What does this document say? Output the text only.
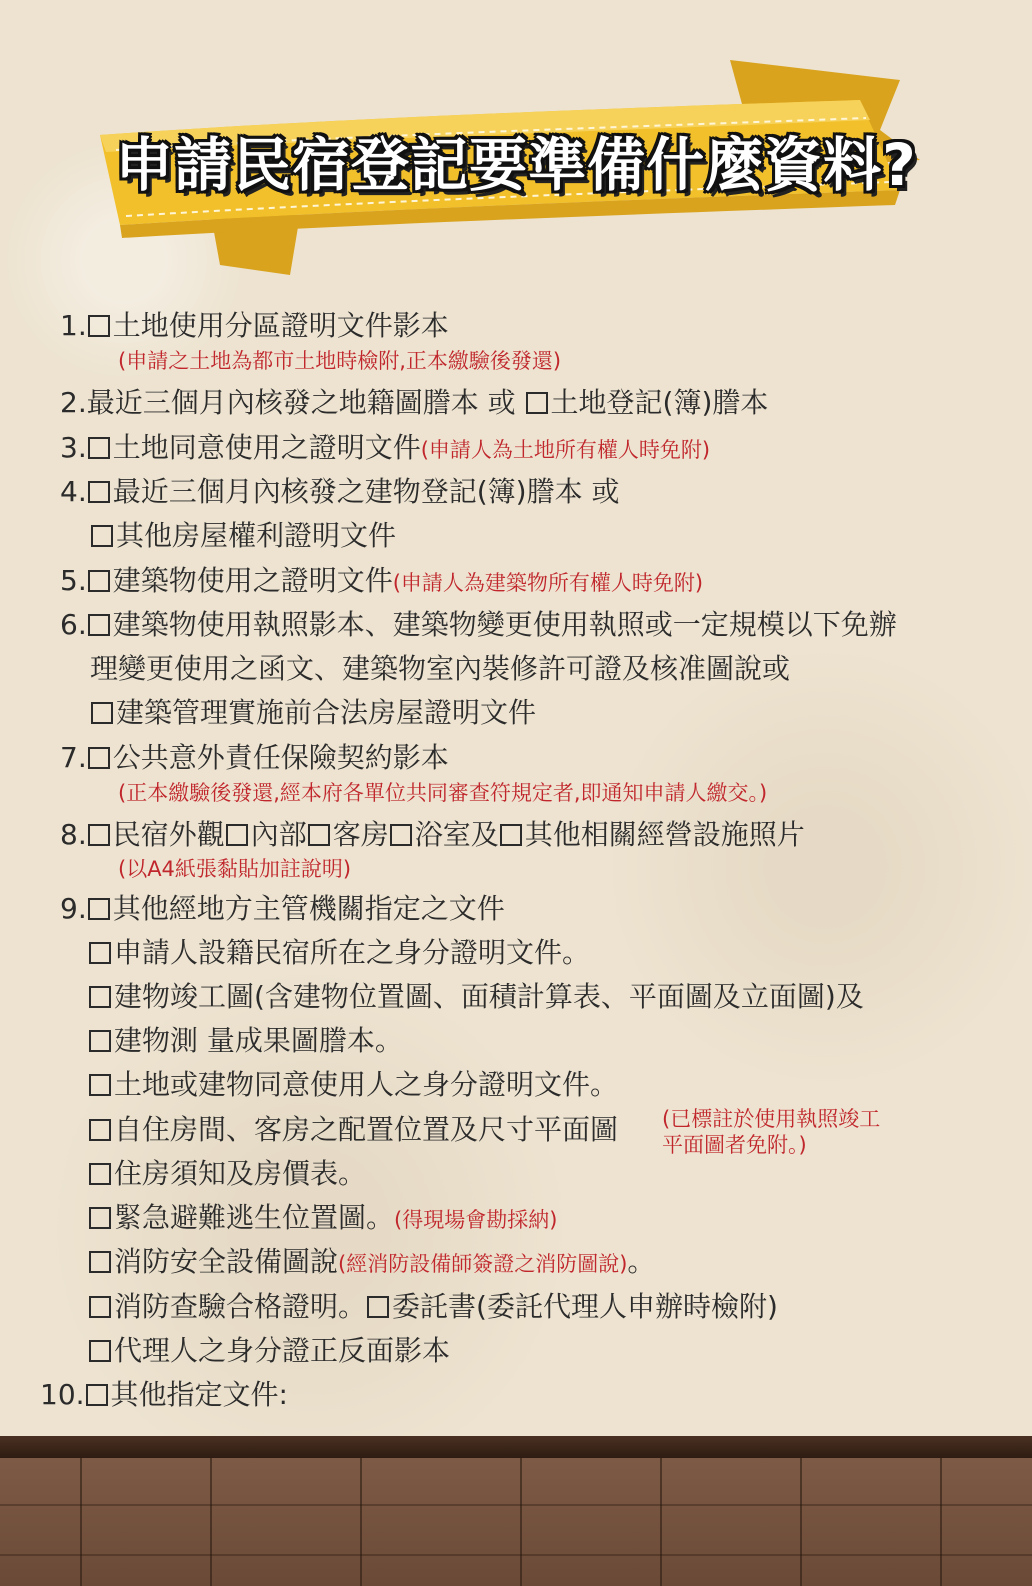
申請民宿登記要準備什麼資料?
1. 土地使用分區證明文件影本
(申請之土地為都市土地時檢附,正本繳驗後發還)
2.最近三個月內核發之地籍圖謄本 或 土地登記(簿)謄本
3. 土地同意使用之證明文件(申請人為土地所有權人時免附)
4. 最近三個月內核發之建物登記(簿)謄本 或
其他房屋權利證明文件
5. 建築物使用之證明文件(申請人為建築物所有權人時免附)
6. 建築物使用執照影本、建築物變更使用執照或一定規模以下免辦
理變更使用之函文、建築物室內裝修許可證及核准圖說或
建築管理實施前合法房屋證明文件
7. 公共意外責任保險契約影本
(正本繳驗後發還,經本府各單位共同審查符規定者,即通知申請人繳交。)
8. 民宿外觀 內部 客房 浴室及 其他相關經營設施照片
(以A4紙張黏貼加註說明)
9. 其他經地方主管機關指定之文件
申請人設籍民宿所在之身分證明文件。
建物竣工圖(含建物位置圖、面積計算表、平面圖及立面圖)及
建物測 量成果圖謄本。
土地或建物同意使用人之身分證明文件。
自住房間、客房之配置位置及尺寸平面圖 (已標註於使用執照竣工
平面圖者免附。)
住房須知及房價表。
緊急避難逃生位置圖。(得現場會勘採納)
消防安全設備圖說(經消防設備師簽證之消防圖說)。
消防查驗合格證明。 委託書(委託代理人申辦時檢附)
代理人之身分證正反面影本
10. 其他指定文件:
